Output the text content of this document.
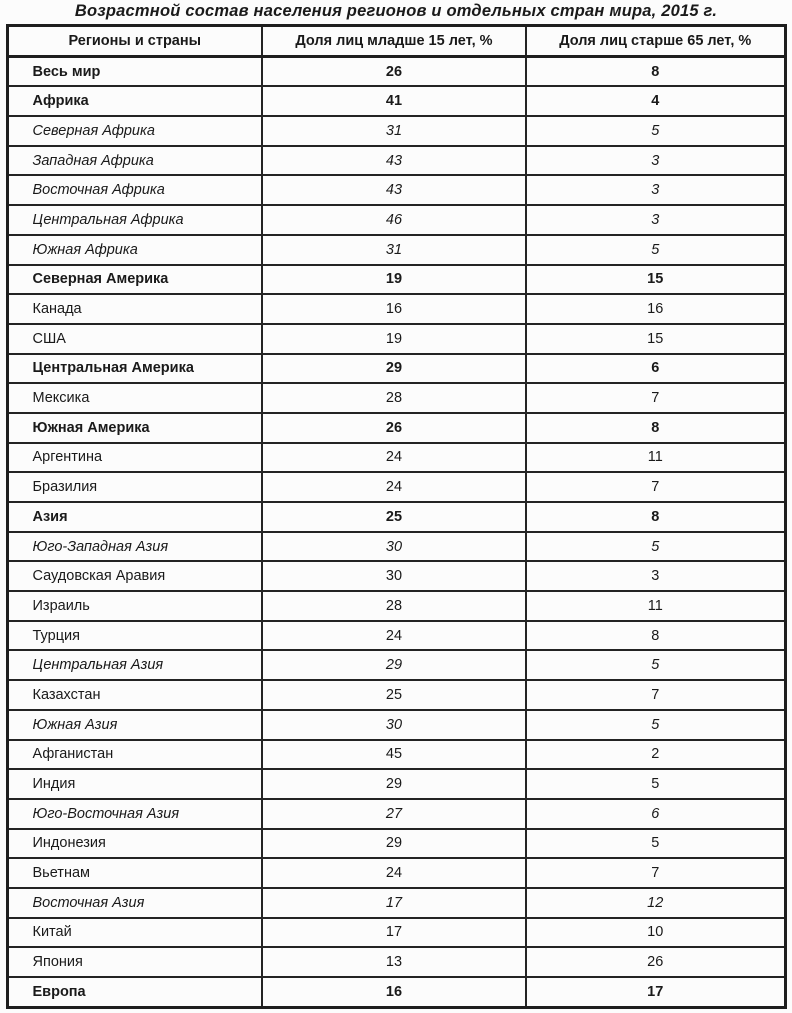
Возрастной состав населения регионов и отдельных стран мира, 2015 г.
Регионы и страны	Доля лиц младше 15 лет, %	Доля лиц старше 65 лет, %
Весь мир	26	8
Африка	41	4
Северная Африка	31	5
Западная Африка	43	3
Восточная Африка	43	3
Центральная Африка	46	3
Южная Африка	31	5
Северная Америка	19	15
Канада	16	16
США	19	15
Центральная Америка	29	6
Мексика	28	7
Южная Америка	26	8
Аргентина	24	11
Бразилия	24	7
Азия	25	8
Юго-Западная Азия	30	5
Саудовская Аравия	30	3
Израиль	28	11
Турция	24	8
Центральная Азия	29	5
Казахстан	25	7
Южная Азия	30	5
Афганистан	45	2
Индия	29	5
Юго-Восточная Азия	27	6
Индонезия	29	5
Вьетнам	24	7
Восточная Азия	17	12
Китай	17	10
Япония	13	26
Европа	16	17
